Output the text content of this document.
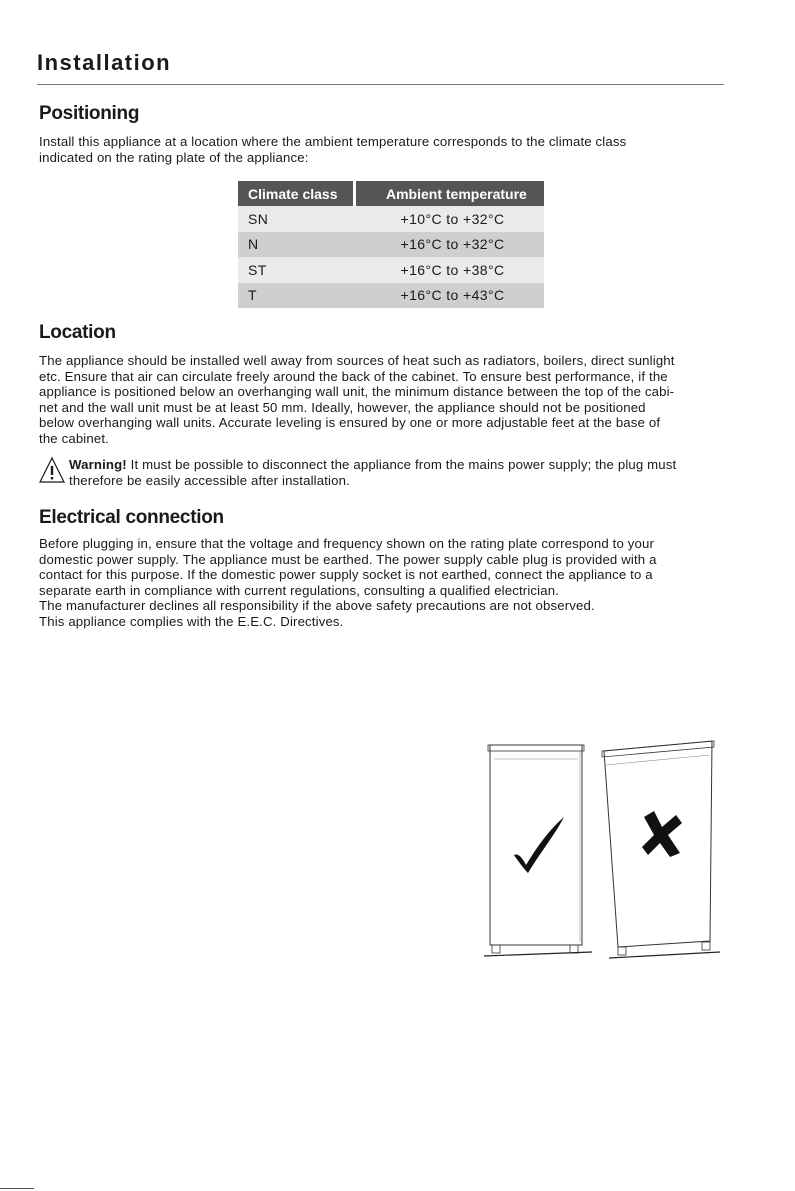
Installation
Positioning
Install this appliance at a location where the ambient temperature corresponds to the climate class
indicated on the rating plate of the appliance:
Climate class	Ambient temperature
SN	+10°C to +32°C
N	+16°C to +32°C
ST	+16°C to +38°C
T	+16°C to +43°C
Location
The appliance should be installed well away from sources of heat such as radiators, boilers, direct sunlight
etc. Ensure that air can circulate freely around the back of the cabinet. To ensure best performance, if the
appliance is positioned below an overhanging wall unit, the minimum distance between the top of the cabi-
net and the wall unit must be at least 50 mm. Ideally, however, the appliance should not be positioned
below overhanging wall units. Accurate leveling is ensured by one or more adjustable feet at the base of
the cabinet.
Warning! It must be possible to disconnect the appliance from the mains power supply; the plug must
therefore be easily accessible after installation.
Electrical connection
Before plugging in, ensure that the voltage and frequency shown on the rating plate correspond to your
domestic power supply. The appliance must be earthed. The power supply cable plug is provided with a
contact for this purpose. If the domestic power supply socket is not earthed, connect the appliance to a
separate earth in compliance with current regulations, consulting a qualified electrician.
The manufacturer declines all responsibility if the above safety precautions are not observed.
This appliance complies with the E.E.C. Directives.
